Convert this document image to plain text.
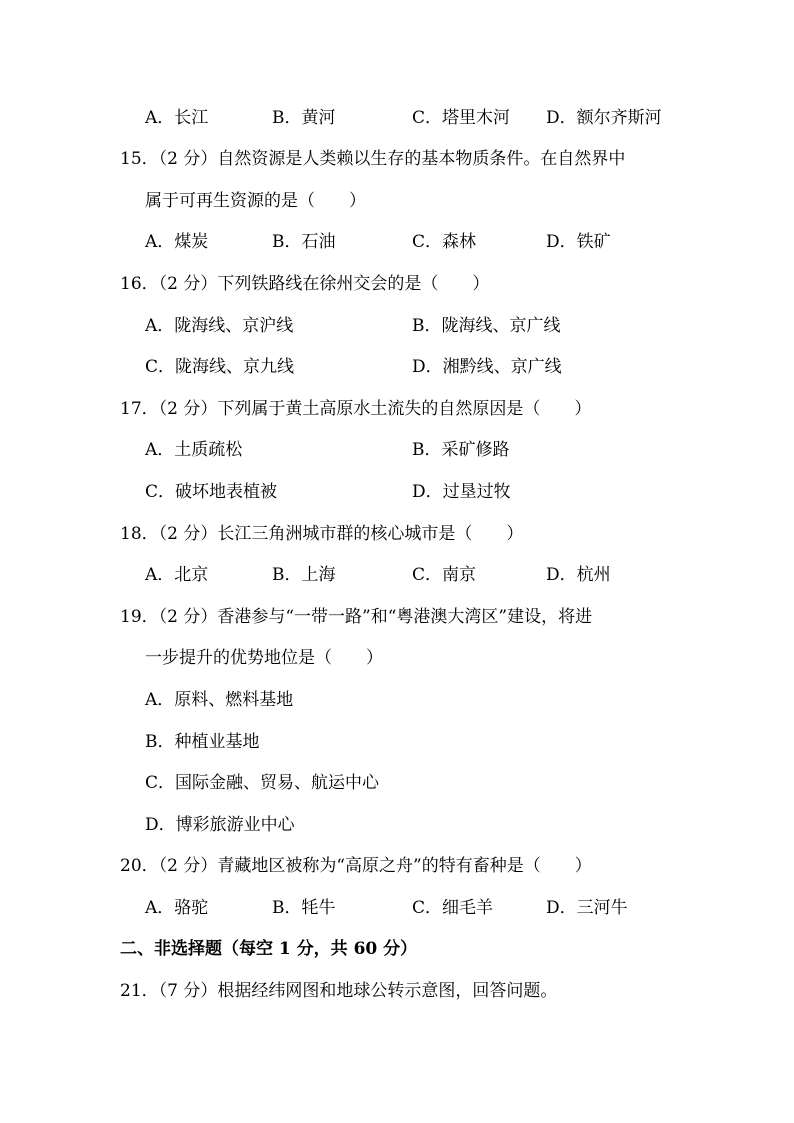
A．长江	B．黄河	C．塔里木河 D．额尔齐斯河
15．（2 分）自然资源是人类赖以生存的基本物质条件。在自然界中
属于可再生资源的是（　　）
A．煤炭	B．石油	C．森林	D．铁矿
16．（2 分）下列铁路线在徐州交会的是（　　）
A．陇海线、京沪线	B．陇海线、京广线
C．陇海线、京九线	D．湘黔线、京广线
17．（2 分）下列属于黄土高原水土流失的自然原因是（　　）
A．土质疏松	B．采矿修路
C．破坏地表植被	D．过垦过牧
18．（2 分）长江三角洲城市群的核心城市是（　　）
A．北京	B．上海	C．南京	D．杭州
19．（2 分）香港参与“一带一路”和“粤港澳大湾区”建设，将进
一步提升的优势地位是（　　）
A．原料、燃料基地
B．种植业基地
C．国际金融、贸易、航运中心
D．博彩旅游业中心
20．（2 分）青藏地区被称为“高原之舟”的特有畜种是（　　）
A．骆驼	B．牦牛	C．细毛羊	D．三河牛
二、非选择题（每空 1 分，共 60 分）
21．（7 分）根据经纬网图和地球公转示意图，回答问题。
